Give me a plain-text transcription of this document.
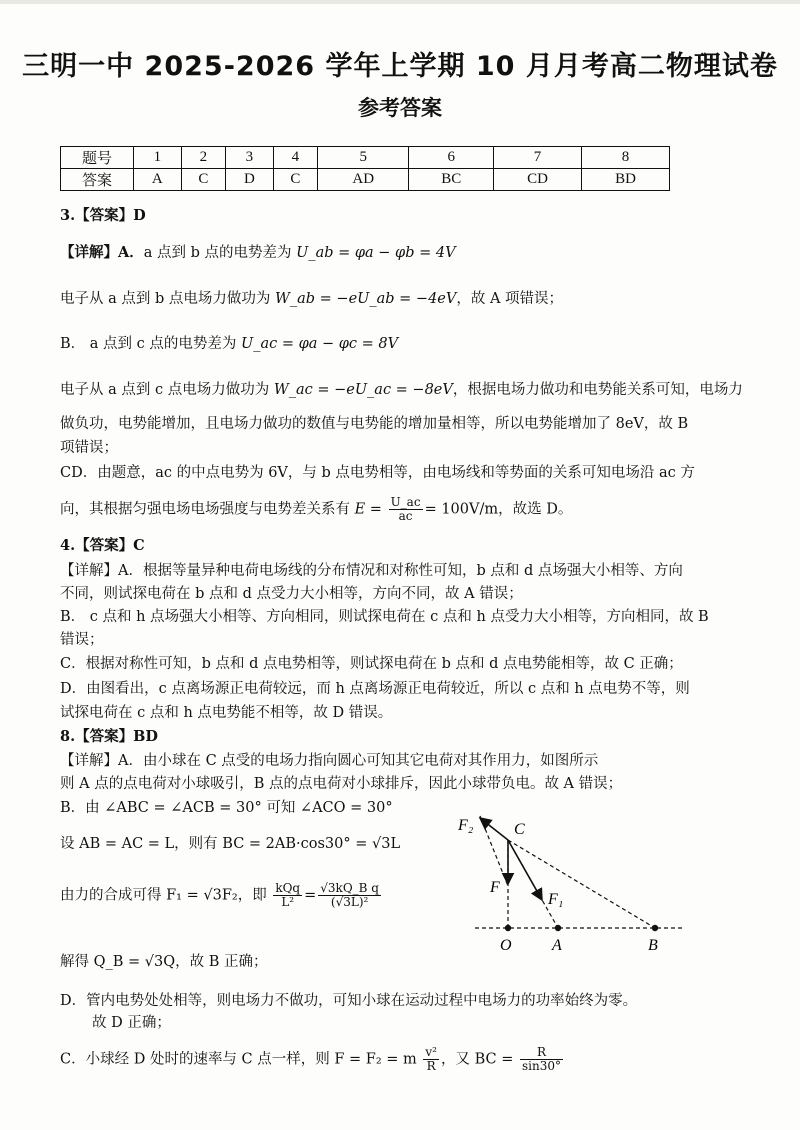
三明一中 2025-2026 学年上学期 10 月月考高二物理试卷
参考答案
题号	1	2	3	4	5	6	7	8
答案	A	C	D	C	AD	BC	CD	BD
3.【答案】D
【详解】A．a 点到 b 点的电势差为 U_ab = φa − φb = 4V
电子从 a 点到 b 点电场力做功为 W_ab = −eU_ab = −4eV，故 A 项错误；
B． a 点到 c 点的电势差为 U_ac = φa − φc = 8V
电子从 a 点到 c 点电场力做功为 W_ac = −eU_ac = −8eV，根据电场力做功和电势能关系可知，电场力
做负功，电势能增加，且电场力做功的数值与电势能的增加量相等，所以电势能增加了 8eV，故 B
项错误；
CD．由题意，ac 的中点电势为 6V，与 b 点电势相等，由电场线和等势面的关系可知电场沿 ac 方
向，其根据匀强电场电场强度与电势差关系有 $E = \frac{U\_ac}{ac} = 100V/m$，故选 D。
4.【答案】C
【详解】A．根据等量异种电荷电场线的分布情况和对称性可知，b 点和 d 点场强大小相等、方向
不同，则试探电荷在 b 点和 d 点受力大小相等，方向不同，故 A 错误；
B． c 点和 h 点场强大小相等、方向相同，则试探电荷在 c 点和 h 点受力大小相等，方向相同，故 B
错误；
C．根据对称性可知，b 点和 d 点电势相等，则试探电荷在 b 点和 d 点电势能相等，故 C 正确；
D．由图看出，c 点离场源正电荷较远，而 h 点离场源正电荷较近，所以 c 点和 h 点电势不等，则
试探电荷在 c 点和 h 点电势能不相等，故 D 错误。
8.【答案】BD
【详解】A．由小球在 C 点受的电场力指向圆心可知其它电荷对其作用力，如图所示
则 A 点的点电荷对小球吸引，B 点的点电荷对小球排斥，因此小球带负电。故 A 错误；
B．由 ∠ABC = ∠ACB = 30° 可知 ∠ACO = 30°
设 AB = AC = L，则有 BC = 2AB·cos30° = √3L
由力的合成可得 F₁ = √3F₂，即 $\frac{\text{kQq}}{\text{L²}} = \frac{\text{√3kQ\_B q}}{\text{(√3L)²}}$
解得 Q_B = √3Q，故 B 正确；
D．管内电势处处相等，则电场力不做功，可知小球在运动过程中电场力的功率始终为零。
故 D 正确；
C．小球经 D 处时的速率与 C 点一样，则 F = F₂ = m $\frac{\text{v²}}{R}$ ，又 BC = $\frac{R}{\sin 30^\circ}$
F₂	C
F
F₁
O	A	B
